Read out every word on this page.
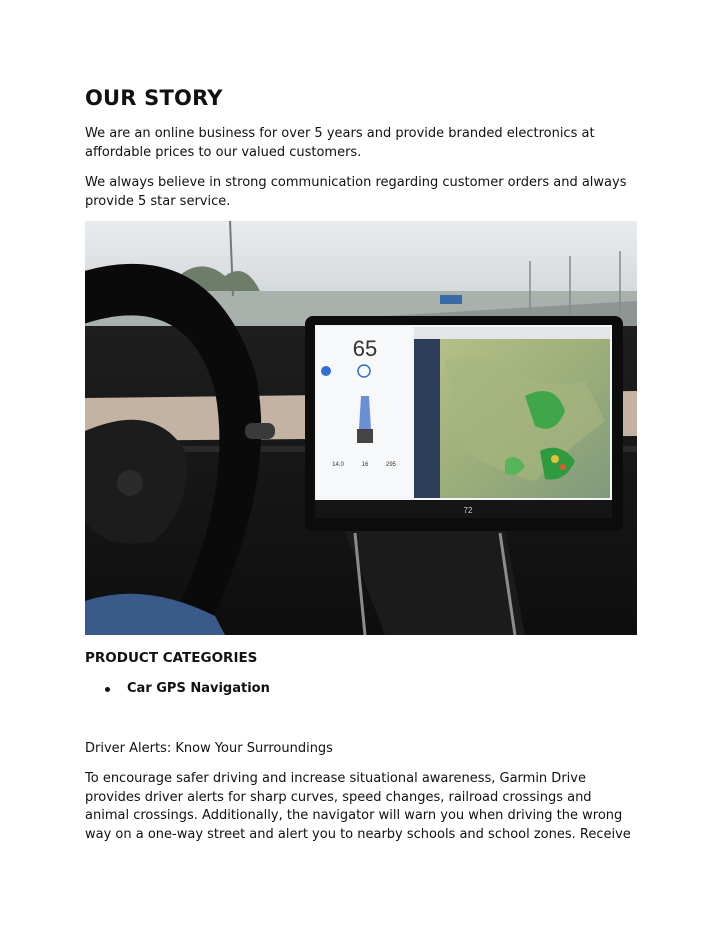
OUR STORY

We are an online business for over 5 years and provide branded electronics at affordable prices to our valued customers.

We always believe in strong communication regarding customer orders and always provide 5 star service.

65
14.0	16	295
72
PRODUCT CATEGORIES
Car GPS Navigation

Driver Alerts: Know Your Surroundings

To encourage safer driving and increase situational awareness, Garmin Drive provides driver alerts for sharp curves, speed changes, railroad crossings and animal crossings. Additionally, the navigator will warn you when driving the wrong way on a one-way street and alert you to nearby schools and school zones. Receive
